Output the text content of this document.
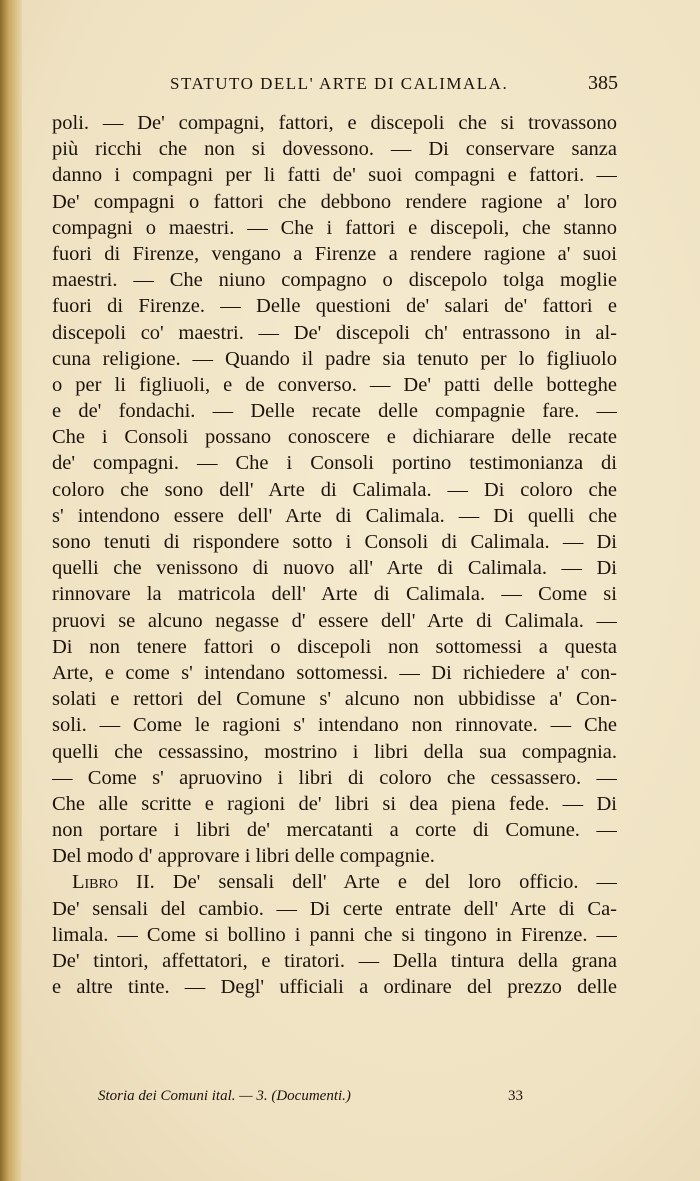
STATUTO DELL' ARTE DI CALIMALA.	385
poli. — De' compagni, fattori, e discepoli che si trovassono
più ricchi che non si dovessono. — Di conservare sanza
danno i compagni per li fatti de' suoi compagni e fattori. —
De' compagni o fattori che debbono rendere ragione a' loro
compagni o maestri. — Che i fattori e discepoli, che stanno
fuori di Firenze, vengano a Firenze a rendere ragione a' suoi
maestri. — Che niuno compagno o discepolo tolga moglie
fuori di Firenze. — Delle questioni de' salari de' fattori e
discepoli co' maestri. — De' discepoli ch' entrassono in al-
cuna religione. — Quando il padre sia tenuto per lo figliuolo
o per li figliuoli, e de converso. — De' patti delle botteghe
e de' fondachi. — Delle recate delle compagnie fare. —
Che i Consoli possano conoscere e dichiarare delle recate
de' compagni. — Che i Consoli portino testimonianza di
coloro che sono dell' Arte di Calimala. — Di coloro che
s' intendono essere dell' Arte di Calimala. — Di quelli che
sono tenuti di rispondere sotto i Consoli di Calimala. — Di
quelli che venissono di nuovo all' Arte di Calimala. — Di
rinnovare la matricola dell' Arte di Calimala. — Come si
pruovi se alcuno negasse d' essere dell' Arte di Calimala. —
Di non tenere fattori o discepoli non sottomessi a questa
Arte, e come s' intendano sottomessi. — Di richiedere a' con-
solati e rettori del Comune s' alcuno non ubbidisse a' Con-
soli. — Come le ragioni s' intendano non rinnovate. — Che
quelli che cessassino, mostrino i libri della sua compagnia.
— Come s' apruovino i libri di coloro che cessassero. —
Che alle scritte e ragioni de' libri si dea piena fede. — Di
non portare i libri de' mercatanti a corte di Comune. —
Del modo d' approvare i libri delle compagnie.
Libro II. De' sensali dell' Arte e del loro officio. —
De' sensali del cambio. — Di certe entrate dell' Arte di Ca-
limala. — Come si bollino i panni che si tingono in Firenze. —
De' tintori, affettatori, e tiratori. — Della tintura della grana
e altre tinte. — Degl' ufficiali a ordinare del prezzo delle
Storia dei Comuni ital. — 3. (Documenti.)	33
